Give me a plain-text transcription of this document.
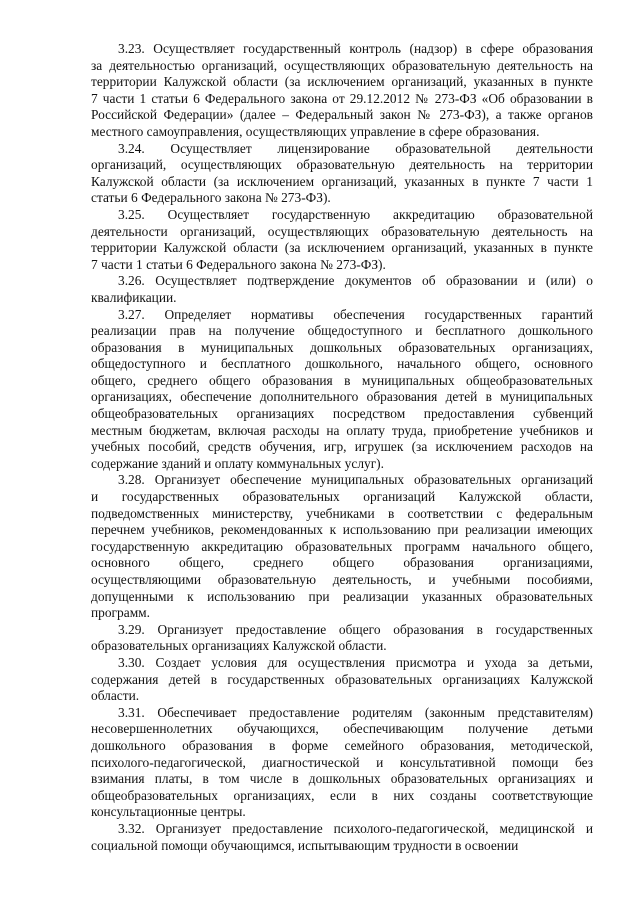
3.23. Осуществляет государственный контроль (надзор) в сфере образования
за деятельностью организаций, осуществляющих образовательную деятельность на
территории Калужской области (за исключением организаций, указанных в пункте
7 части 1 статьи 6 Федерального закона от 29.12.2012 № 273-ФЗ «Об образовании в
Российской Федерации» (далее – Федеральный закон № 273-ФЗ), а также органов
местного самоуправления, осуществляющих управление в сфере образования.
3.24. Осуществляет лицензирование образовательной деятельности
организаций, осуществляющих образовательную деятельность на территории
Калужской области (за исключением организаций, указанных в пункте 7 части 1
статьи 6 Федерального закона № 273-ФЗ).
3.25. Осуществляет государственную аккредитацию образовательной
деятельности организаций, осуществляющих образовательную деятельность на
территории Калужской области (за исключением организаций, указанных в пункте
7 части 1 статьи 6 Федерального закона № 273-ФЗ).
3.26. Осуществляет подтверждение документов об образовании и (или) о
квалификации.
3.27. Определяет нормативы обеспечения государственных гарантий
реализации прав на получение общедоступного и бесплатного дошкольного
образования в муниципальных дошкольных образовательных организациях,
общедоступного и бесплатного дошкольного, начального общего, основного
общего, среднего общего образования в муниципальных общеобразовательных
организациях, обеспечение дополнительного образования детей в муниципальных
общеобразовательных организациях посредством предоставления субвенций
местным бюджетам, включая расходы на оплату труда, приобретение учебников и
учебных пособий, средств обучения, игр, игрушек (за исключением расходов на
содержание зданий и оплату коммунальных услуг).
3.28. Организует обеспечение муниципальных образовательных организаций
и государственных образовательных организаций Калужской области,
подведомственных министерству, учебниками в соответствии с федеральным
перечнем учебников, рекомендованных к использованию при реализации имеющих
государственную аккредитацию образовательных программ начального общего,
основного общего, среднего общего образования организациями,
осуществляющими образовательную деятельность, и учебными пособиями,
допущенными к использованию при реализации указанных образовательных
программ.
3.29. Организует предоставление общего образования в государственных
образовательных организациях Калужской области.
3.30. Создает условия для осуществления присмотра и ухода за детьми,
содержания детей в государственных образовательных организациях Калужской
области.
3.31. Обеспечивает предоставление родителям (законным представителям)
несовершеннолетних обучающихся, обеспечивающим получение детьми
дошкольного образования в форме семейного образования, методической,
психолого-педагогической, диагностической и консультативной помощи без
взимания платы, в том числе в дошкольных образовательных организациях и
общеобразовательных организациях, если в них созданы соответствующие
консультационные центры.
3.32. Организует предоставление психолого-педагогической, медицинской и
социальной помощи обучающимся, испытывающим трудности в освоении
